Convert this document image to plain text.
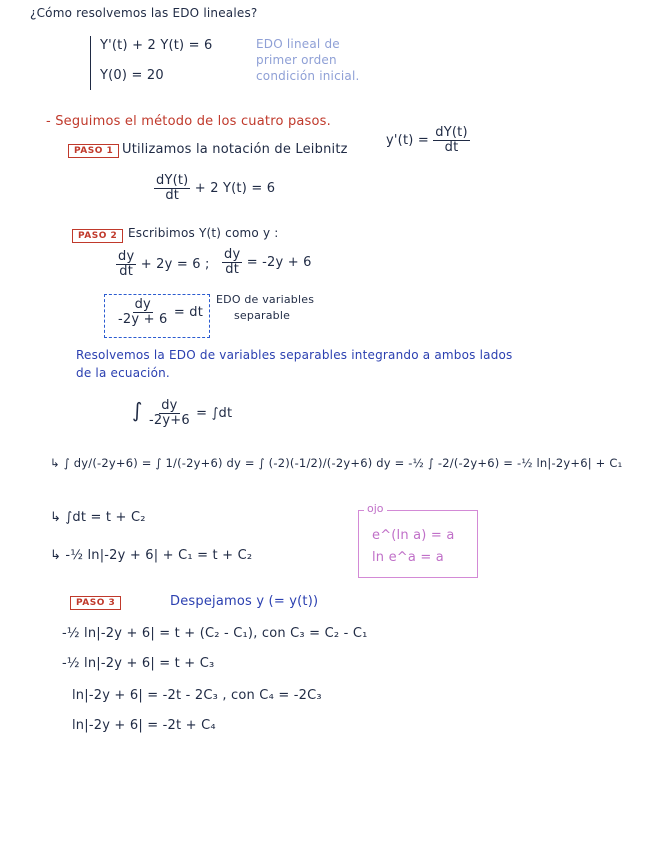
¿Cómo resolvemos las EDO lineales?
Y'(t) + 2 Y(t) = 6
Y(0) = 20
EDO lineal de
primer orden
condición inicial.
- Seguimos el método de los cuatro pasos.
PASO 1 Utilizamos la notación de Leibnitz
$y'(t) = \frac{dY(t)}{dt}$
$\frac{dY(t)}{dt} + 2$ Y(t) = 6
PASO 2 Escribimos Y(t) como y :
$\frac{dy}{dt} + 2y = 6$ ; $\frac{dy}{dt} = -2y + 6$
$\frac{dy}{-2y + 6}$ = dt
EDO de variables
separable
Resolvemos la EDO de variables separables integrando a ambos lados
de la ecuación.
∫ $\frac{dy}{-2y+6} = \int dt$
↳ ∫ dy/(-2y+6) = ∫ 1/(-2y+6) dy = ∫ (-2)(-1/2)/(-2y+6) dy = -½ ∫ -2/(-2y+6) = -½ ln|-2y+6| + C₁
↳ ∫dt = t + C₂
↳ -½ ln|-2y + 6| + C₁ = t + C₂
ojo
e^(ln a) = a
ln e^a = a
PASO 3	Despejamos y (= y(t))
-½ ln|-2y + 6| = t + (C₂ - C₁), con C₃ = C₂ - C₁
-½ ln|-2y + 6| = t + C₃
ln|-2y + 6| = -2t - 2C₃ , con C₄ = -2C₃
ln|-2y + 6| = -2t + C₄
